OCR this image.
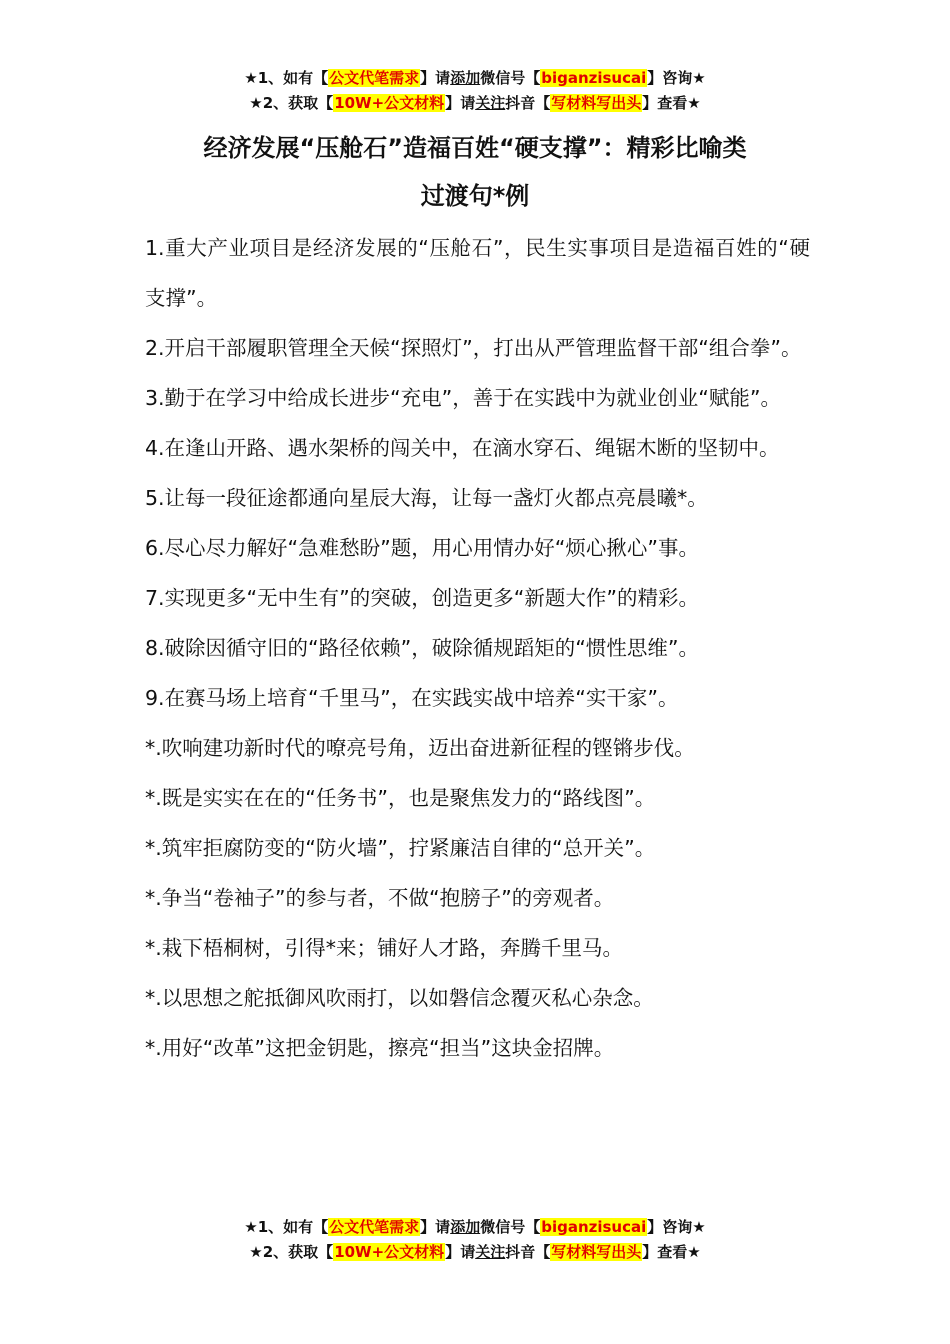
★1、如有【公文代笔需求】请添加微信号【biganzisucai】咨询★
★2、获取【10W+公文材料】请关注抖音【写材料写出头】查看★
经济发展“压舱石”造福百姓“硬支撑”：精彩比喻类
过渡句*例

1.重大产业项目是经济发展的“压舱石”，民生实事项目是造福百姓的“硬支撑”。

2.开启干部履职管理全天候“探照灯”，打出从严管理监督干部“组合拳”。

3.勤于在学习中给成长进步“充电”，善于在实践中为就业创业“赋能”。

4.在逢山开路、遇水架桥的闯关中，在滴水穿石、绳锯木断的坚韧中。

5.让每一段征途都通向星辰大海，让每一盏灯火都点亮晨曦*。

6.尽心尽力解好“急难愁盼”题，用心用情办好“烦心揪心”事。

7.实现更多“无中生有”的突破，创造更多“新题大作”的精彩。

8.破除因循守旧的“路径依赖”，破除循规蹈矩的“惯性思维”。

9.在赛马场上培育“千里马”，在实践实战中培养“实干家”。

*.吹响建功新时代的嘹亮号角，迈出奋进新征程的铿锵步伐。

*.既是实实在在的“任务书”，也是聚焦发力的“路线图”。

*.筑牢拒腐防变的“防火墙”，拧紧廉洁自律的“总开关”。

*.争当“卷袖子”的参与者，不做“抱膀子”的旁观者。

*.栽下梧桐树，引得*来；铺好人才路，奔腾千里马。

*.以思想之舵抵御风吹雨打，以如磐信念覆灭私心杂念。

*.用好“改革”这把金钥匙，擦亮“担当”这块金招牌。

★1、如有【公文代笔需求】请添加微信号【biganzisucai】咨询★
★2、获取【10W+公文材料】请关注抖音【写材料写出头】查看★
